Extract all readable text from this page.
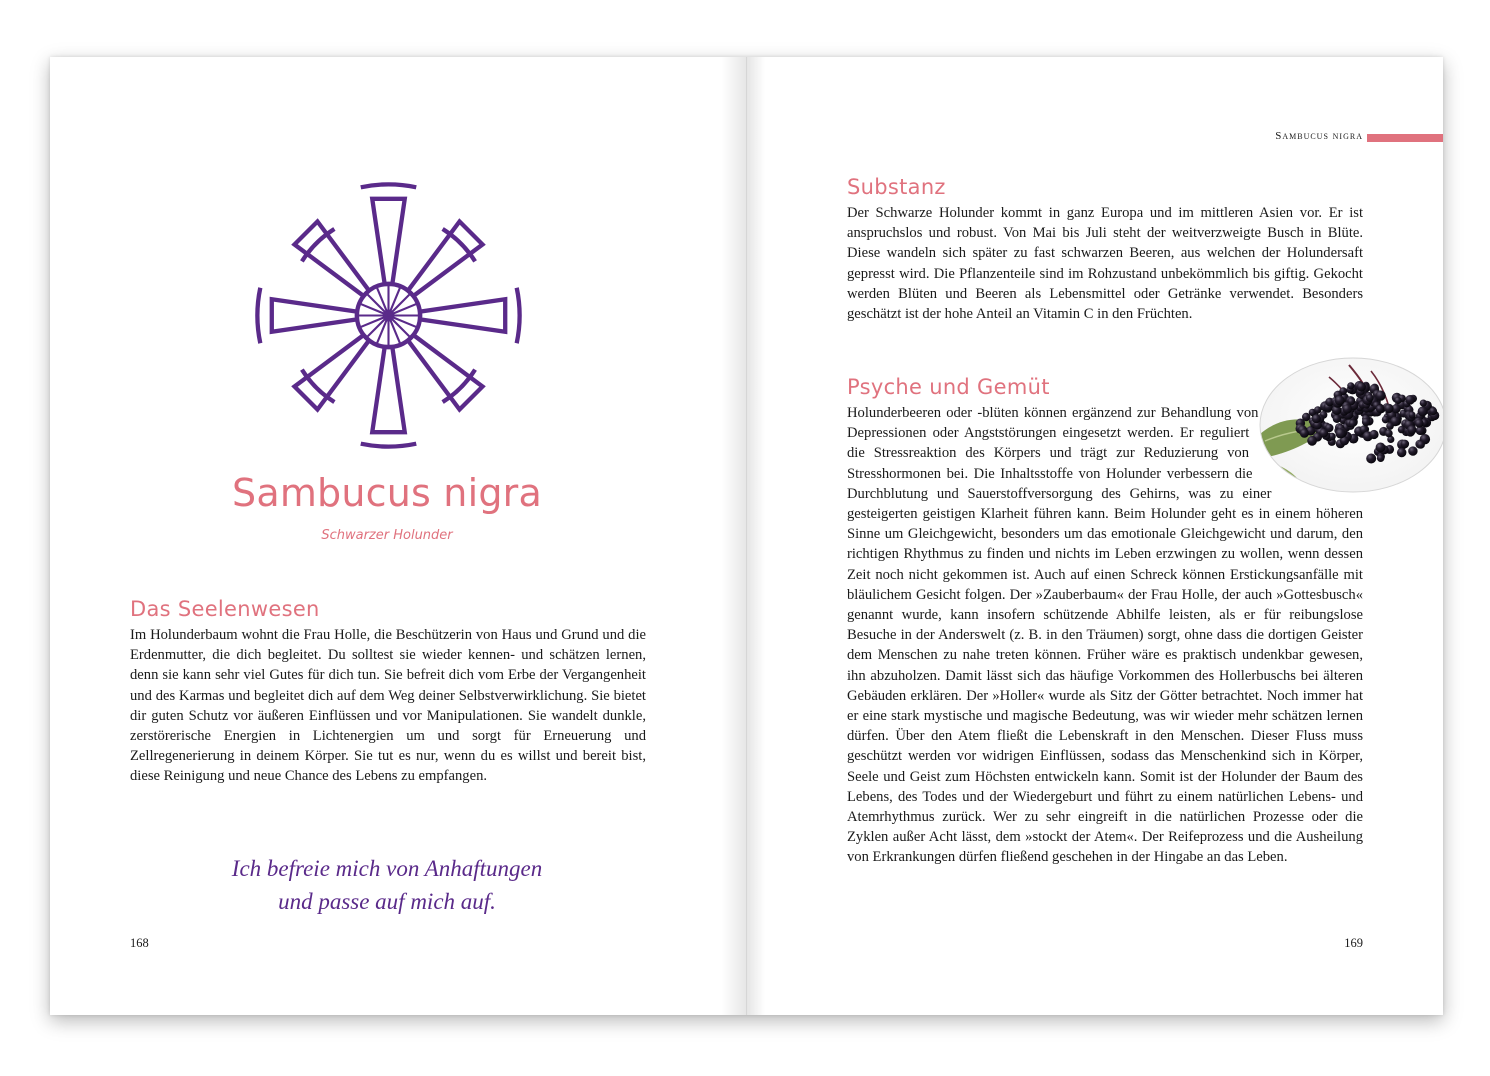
Sambucus nigra

Schwarzer Holunder

Das Seelenwesen

Im Holunderbaum wohnt die Frau Holle, die Beschützerin von Haus und Grund und die Erdenmutter, die dich begleitet. Du solltest sie wieder kennen- und schätzen lernen, denn sie kann sehr viel Gutes für dich tun. Sie befreit dich vom Erbe der Vergangenheit und des Karmas und begleitet dich auf dem Weg deiner Selbstverwirklichung. Sie bietet dir guten Schutz vor äußeren Einflüssen und vor Manipulationen. Sie wandelt dunkle, zerstörerische Energien in Lichtenergien um und sorgt für Erneuerung und Zellregenerierung in deinem Körper. Sie tut es nur, wenn du es willst und bereit bist, diese Reinigung und neue Chance des Lebens zu empfangen.

Ich befreie mich von Anhaftungen
und passe auf mich auf.
168
Sambucus nigra
Substanz

Der Schwarze Holunder kommt in ganz Europa und im mittleren Asien vor. Er ist anspruchslos und robust. Von Mai bis Juli steht der weitverzweigte Busch in Blüte. Diese wandeln sich später zu fast schwarzen Beeren, aus welchen der Holundersaft gepresst wird. Die Pflanzenteile sind im Rohzustand unbekömmlich bis giftig. Gekocht werden Blüten und Beeren als Lebensmittel oder Getränke verwendet. Besonders geschätzt ist der hohe Anteil an Vitamin C in den Früchten.

Psyche und Gemüt

Holunderbeeren oder -blüten können ergänzend zur Behandlung von Depressionen oder Angststörungen eingesetzt werden. Er reguliert die Stressreaktion des Körpers und trägt zur Reduzierung von Stresshormonen bei. Die Inhaltsstoffe von Holunder verbessern die Durchblutung und Sauerstoffversorgung des Gehirns, was zu einer gesteigerten geistigen Klarheit führen kann. Beim Holunder geht es in einem höheren Sinne um Gleichgewicht, besonders um das emotionale Gleichgewicht und darum, den richtigen Rhythmus zu finden und nichts im Leben erzwingen zu wollen, wenn dessen Zeit noch nicht gekommen ist. Auch auf einen Schreck können Erstickungsanfälle mit bläulichem Gesicht folgen. Der »Zauberbaum« der Frau Holle, der auch »Gottesbusch« genannt wurde, kann insofern schützende Abhilfe leisten, als er für reibungslose Besuche in der Anderswelt (z. B. in den Träumen) sorgt, ohne dass die dortigen Geister dem Menschen zu nahe treten können. Früher wäre es praktisch undenkbar gewesen, ihn abzuholzen. Damit lässt sich das häufige Vorkommen des Hollerbuschs bei älteren Gebäuden erklären. Der »Holler« wurde als Sitz der Götter betrachtet. Noch immer hat er eine stark mystische und magische Bedeutung, was wir wieder mehr schätzen lernen dürfen. Über den Atem fließt die Lebenskraft in den Menschen. Dieser Fluss muss geschützt werden vor widrigen Einflüssen, sodass das Menschenkind sich in Körper, Seele und Geist zum Höchsten entwickeln kann. Somit ist der Holunder der Baum des Lebens, des Todes und der Wiedergeburt und führt zu einem natürlichen Lebens- und Atemrhythmus zurück. Wer zu sehr eingreift in die natürlichen Prozesse oder die Zyklen außer Acht lässt, dem »stockt der Atem«. Der Reifeprozess und die Ausheilung von Erkrankungen dürfen fließend geschehen in der Hingabe an das Leben.

169
